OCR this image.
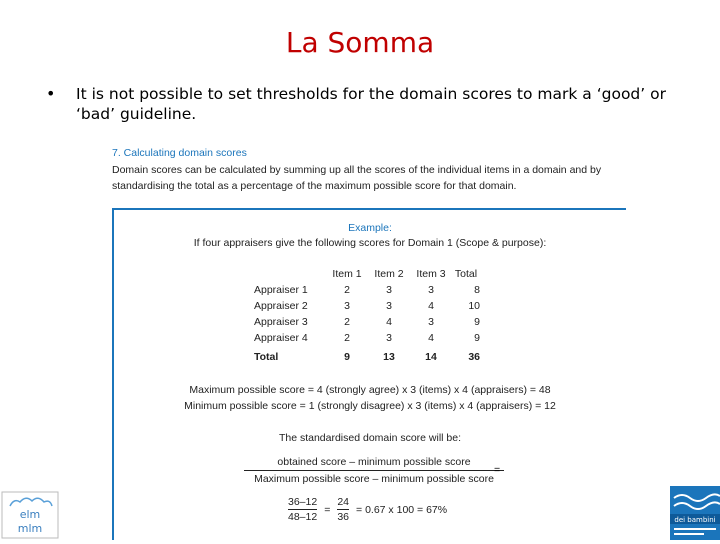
La Somma
• It is not possible to set thresholds for the domain scores to mark a ‘good’ or ‘bad’ guideline.
7. Calculating domain scores
Domain scores can be calculated by summing up all the scores of the individual items in a domain and by standardising the total as a percentage of the maximum possible score for that domain.
Example:
If four appraisers give the following scores for Domain 1 (Scope & purpose):
	Item 1	Item 2	Item 3	Total
Appraiser 1	2	3	3	8
Appraiser 2	3	3	4	10
Appraiser 3	2	4	3	9
Appraiser 4	2	3	4	9
Total	9	13	14	36
Maximum possible score = 4 (strongly agree) x 3 (items) x 4 (appraisers) = 48
Minimum possible score = 1 (strongly disagree) x 3 (items) x 4 (appraisers) = 12
The standardised domain score will be:
obtained score – minimum possible score
Maximum possible score – minimum possible score
=
$\frac{36-12}{48-12} = \frac{24}{36} = 0.67$ x 100 = 67%
elm
mlm
dei bambini
